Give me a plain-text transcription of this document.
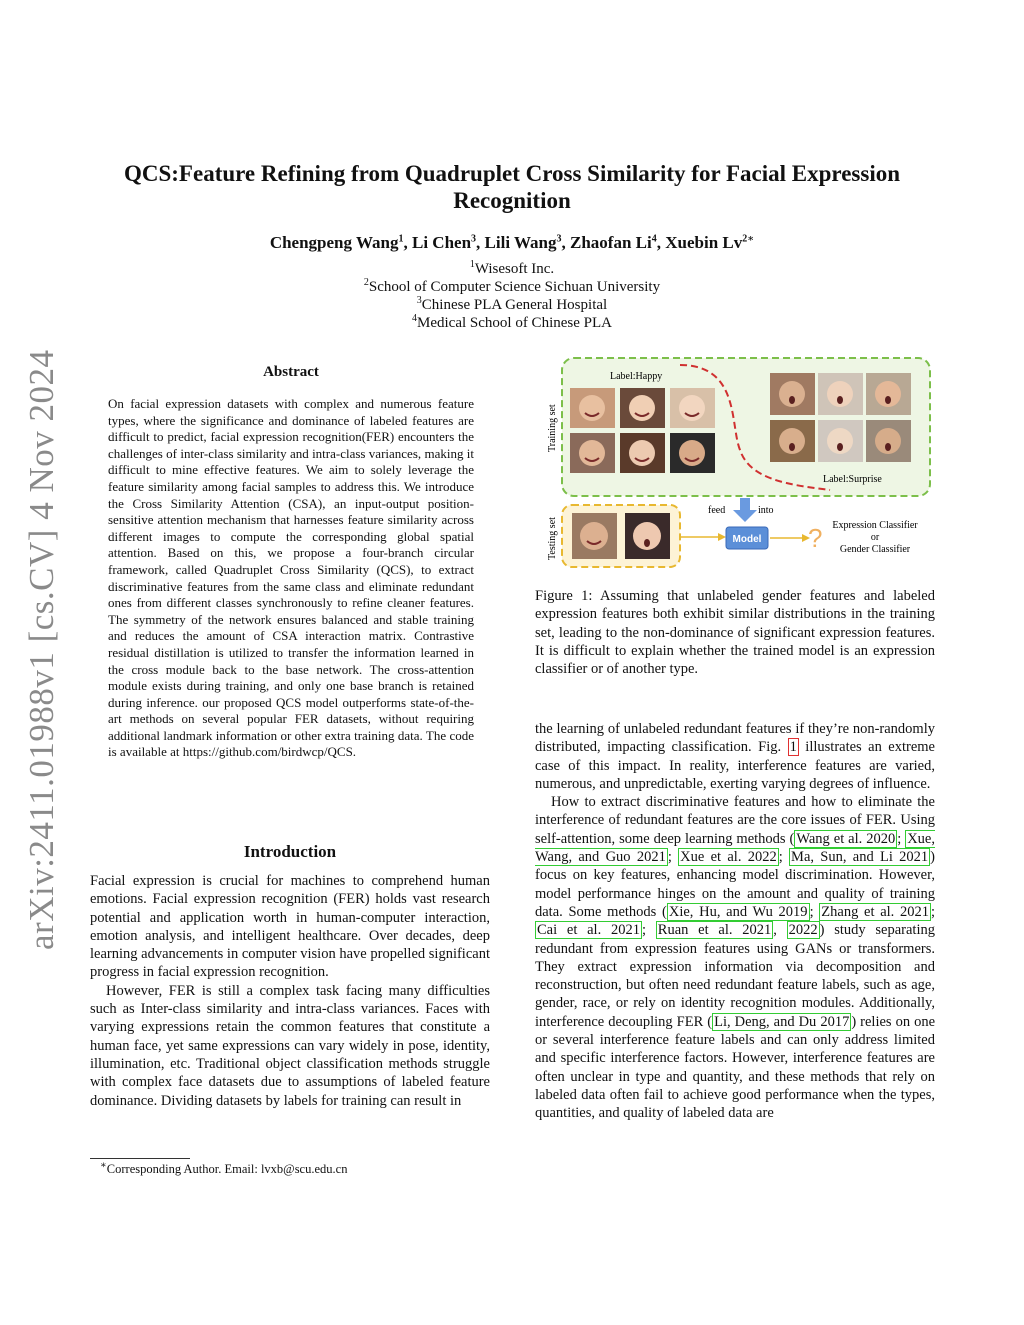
arXiv:2411.01988v1 [cs.CV] 4 Nov 2024
QCS:Feature Refining from Quadruplet Cross Similarity for Facial Expression
Recognition
Chengpeng Wang$^1$, Li Chen$^3$, Lili Wang$^3$, Zhaofan Li$^4$, Xuebin $Lv^{2∗}$
$^1$Wisesoft Inc.
$^2$School of Computer Science Sichuan University
$^3$Chinese PLA General Hospital
$^4$Medical School of Chinese PLA
Abstract
On facial expression datasets with complex and numerous feature types, where the significance and dominance of labeled features are difficult to predict, facial expression recognition(FER) encounters the challenges of inter-class similarity and intra-class variances, making it difficult to mine effective features. We aim to solely leverage the feature similarity among facial samples to address this. We introduce the Cross Similarity Attention (CSA), an input-output position-sensitive attention mechanism that harnesses feature similarity across different images to compute the corresponding global spatial attention. Based on this, we propose a four-branch circular framework, called Quadruplet Cross Similarity (QCS), to extract discriminative features from the same class and eliminate redundant ones from different classes synchronously to refine cleaner features. The symmetry of the network ensures balanced and stable training and reduces the amount of CSA interaction matrix. Contrastive residual distillation is utilized to transfer the information learned in the cross module back to the base network. The cross-attention module exists during training, and only one base branch is retained during inference. our proposed QCS model outperforms state-of-the-art methods on several popular FER datasets, without requiring additional landmark information or other extra training data. The code is available at https://github.com/birdwcp/QCS.
Introduction

Facial expression is crucial for machines to comprehend human emotions. Facial expression recognition (FER) holds vast research potential and application worth in human-computer interaction, emotion analysis, and intelligent healthcare. Over decades, deep learning advancements in computer vision have propelled significant progress in facial expression recognition.

However, FER is still a complex task facing many difficulties such as Inter-class similarity and intra-class variances. Faces with varying expressions retain the common features that constitute a human face, yet same expressions can vary widely in pose, identity, illumination, etc. Traditional object classification methods struggle with complex face datasets due to assumptions of labeled feature dominance. Dividing datasets by labels for training can result in

∗Corresponding Author. Email: lvxb@scu.edu.cn
Training set
Label:Happy
Label:Surprise
Testing set
feed	into
Model ? Expression Classifier
or
Gender Classifier
Figure 1: Assuming that unlabeled gender features and labeled expression features both exhibit similar distributions in the training set, leading to the non-dominance of significant expression features. It is difficult to explain whether the trained model is an expression classifier or of another type.

the learning of unlabeled redundant features if they’re non-randomly distributed, impacting classification. Fig. 1 illustrates an extreme case of this impact. In reality, interference features are varied, numerous, and unpredictable, exerting varying degrees of influence.

How to extract discriminative features and how to eliminate the interference of redundant features are the core issues of FER. Using self-attention, some deep learning methods ( Wang et al. 2020 ; Xue, Wang, and Guo 2021 ; Xue et al. 2022 ; Ma, Sun, and Li 2021 ) focus on key features, enhancing model discrimination. However, model performance hinges on the amount and quality of training data. Some methods ( Xie, Hu, and Wu 2019 ; Zhang et al. 2021 ; Cai et al. 2021 ; Ruan et al. 2021 , 2022 ) study separating redundant from expression features using GANs or transformers. They extract expression information via decomposition and reconstruction, but often need redundant feature labels, such as age, gender, race, or rely on identity recognition modules. Additionally, interference decoupling FER ( Li, Deng, and Du 2017 ) relies on one or several interference feature labels and can only address limited and specific interference factors. However, interference features are often unclear in type and quantity, and these methods that rely on labeled data often fail to achieve good performance when the types, quantities, and quality of labeled data are
